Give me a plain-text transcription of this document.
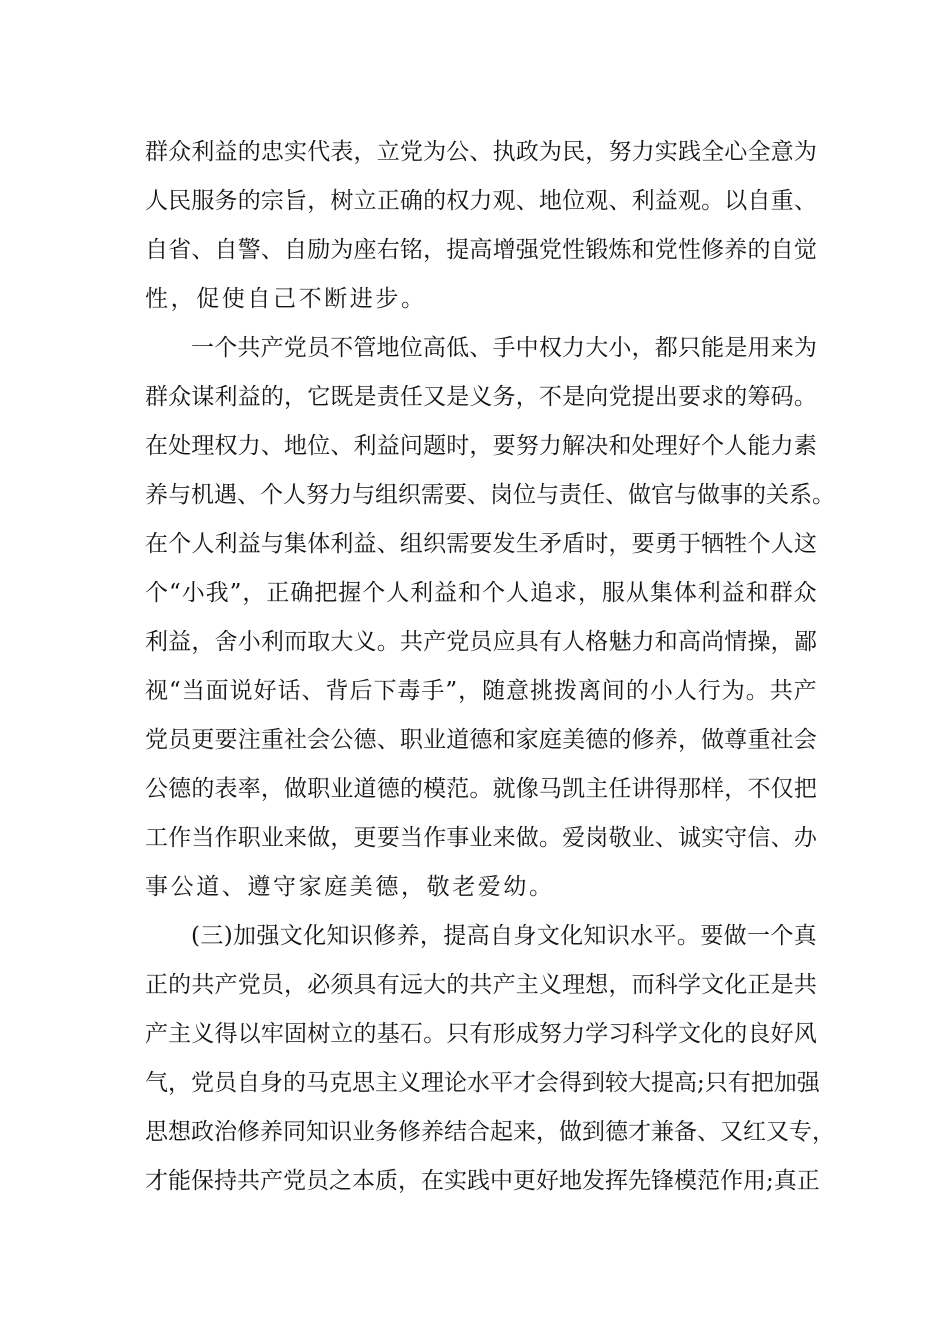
群 众 利 益 的 忠 实 代 表 ， 立 党 为 公 、 执 政 为 民 ， 努 力 实 践 全 心 全 意 为
人 民 服 务 的 宗 旨 ， 树 立 正 确 的 权 力 观 、 地 位 观 、 利 益 观 。 以 自 重 、
自 省 、 自 警 、 自 励 为 座 右 铭 ， 提 高 增 强 党 性 锻 炼 和 党 性 修 养 的 自 觉
性，促使自己不断进步。
一 个 共 产 党 员 不 管 地 位 高 低 、 手 中 权 力 大 小 ， 都 只 能 是 用 来 为
群 众 谋 利 益 的 ， 它 既 是 责 任 又 是 义 务 ， 不 是 向 党 提 出 要 求 的 筹 码 。
在 处 理 权 力 、 地 位 、 利 益 问 题 时 ， 要 努 力 解 决 和 处 理 好 个 人 能 力 素
养 与 机 遇 、 个 人 努 力 与 组 织 需 要 、 岗 位 与 责 任 、 做 官 与 做 事 的 关 系 。
在 个 人 利 益 与 集 体 利 益 、 组 织 需 要 发 生 矛 盾 时 ， 要 勇 于 牺 牲 个 人 这
个 “ 小 我 ” ， 正 确 把 握 个 人 利 益 和 个 人 追 求 ， 服 从 集 体 利 益 和 群 众
利 益 ， 舍 小 利 而 取 大 义 。 共 产 党 员 应 具 有 人 格 魅 力 和 高 尚 情 操 ， 鄙
视 “ 当 面 说 好 话 、 背 后 下 毒 手 ” ， 随 意 挑 拨 离 间 的 小 人 行 为 。 共 产
党 员 更 要 注 重 社 会 公 德 、 职 业 道 德 和 家 庭 美 德 的 修 养 ， 做 尊 重 社 会
公 德 的 表 率 ， 做 职 业 道 德 的 模 范 。 就 像 马 凯 主 任 讲 得 那 样 ， 不 仅 把
工 作 当 作 职 业 来 做 ， 更 要 当 作 事 业 来 做 。 爱 岗 敬 业 、 诚 实 守 信 、 办
事公道、遵守家庭美德，敬老爱幼。
( 三 ) 加 强 文 化 知 识 修 养 ， 提 高 自 身 文 化 知 识 水 平 。 要 做 一 个 真
正 的 共 产 党 员 ， 必 须 具 有 远 大 的 共 产 主 义 理 想 ， 而 科 学 文 化 正 是 共
产 主 义 得 以 牢 固 树 立 的 基 石 。 只 有 形 成 努 力 学 习 科 学 文 化 的 良 好 风
气 ， 党 员 自 身 的 马 克 思 主 义 理 论 水 平 才 会 得 到 较 大 提 高 ; 只 有 把 加 强
思 想 政 治 修 养 同 知 识 业 务 修 养 结 合 起 来 ， 做 到 德 才 兼 备 、 又 红 又 专 ，
才 能 保 持 共 产 党 员 之 本 质 ， 在 实 践 中 更 好 地 发 挥 先 锋 模 范 作 用 ; 真 正
